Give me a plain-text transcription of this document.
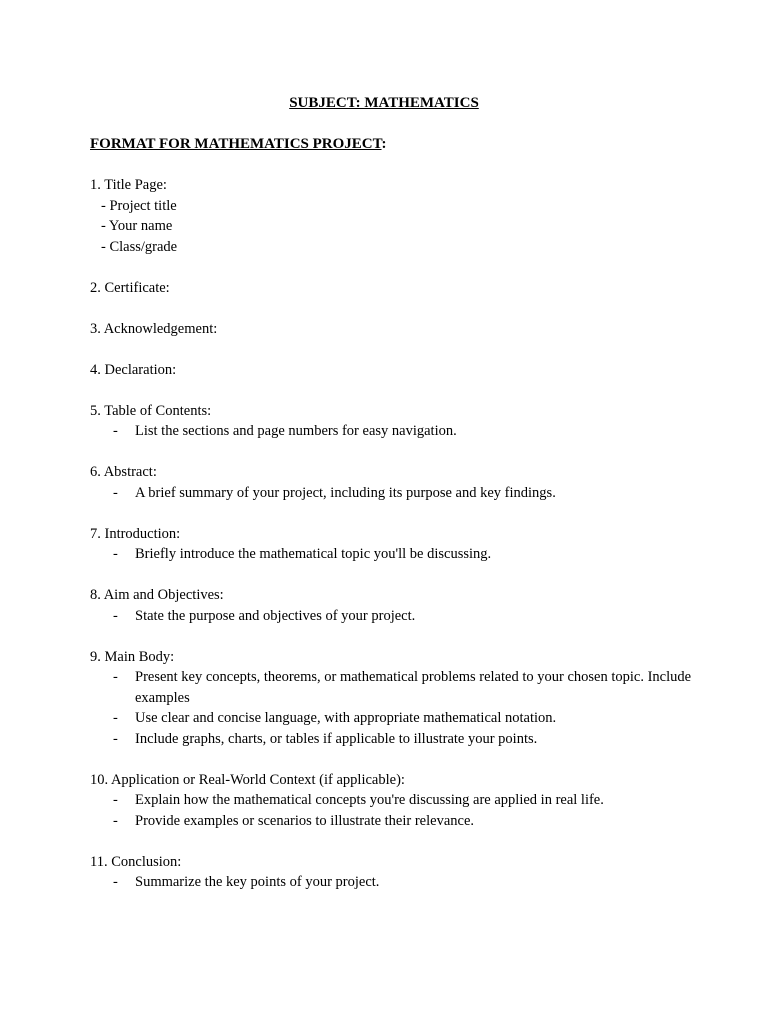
SUBJECT: MATHEMATICS
FORMAT FOR MATHEMATICS PROJECT:
1. Title Page:
- Project title
- Your name
- Class/grade
2. Certificate:
3. Acknowledgement:
4. Declaration:
5. Table of Contents:
- List the sections and page numbers for easy navigation.
6. Abstract:
- A brief summary of your project, including its purpose and key findings.
7. Introduction:
- Briefly introduce the mathematical topic you'll be discussing.
8. Aim and Objectives:
- State the purpose and objectives of your project.
9. Main Body:
- Present key concepts, theorems, or mathematical problems related to your chosen topic. Include examples
- Use clear and concise language, with appropriate mathematical notation.
- Include graphs, charts, or tables if applicable to illustrate your points.
10. Application or Real-World Context (if applicable):
- Explain how the mathematical concepts you're discussing are applied in real life.
- Provide examples or scenarios to illustrate their relevance.
11. Conclusion:
- Summarize the key points of your project.
